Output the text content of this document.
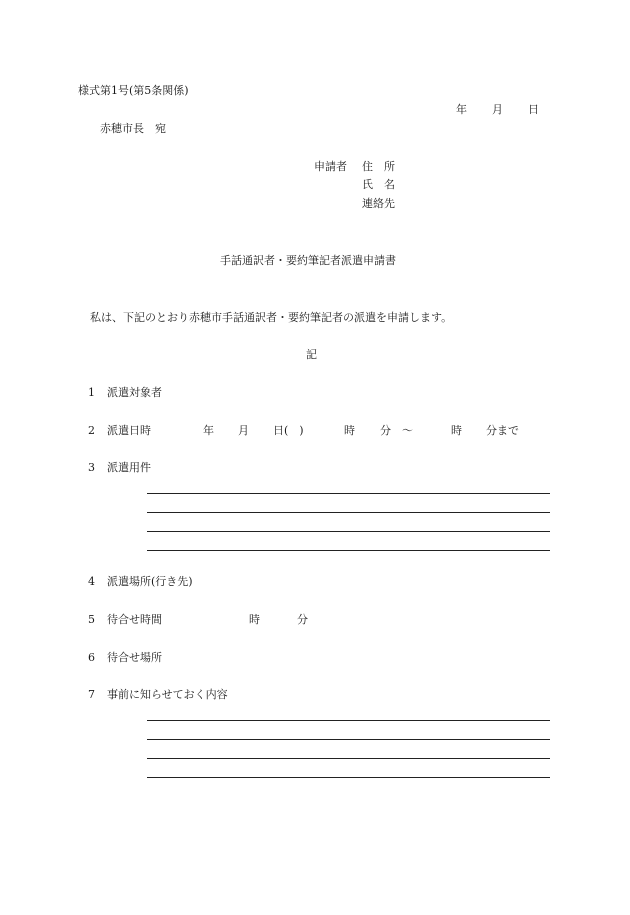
様式第1号(第5条関係)
年 月 日
赤穂市長　宛
申請者 住　所
氏　名
連絡先
手話通訳者・要約筆記者派遣申請書
私は、下記のとおり赤穂市手話通訳者・要約筆記者の派遣を申請します。
記
1 派遣対象者
2 派遣日時	年 月 日(　)	時 分 ～	時 分まで
3 派遣用件
4 派遣場所(行き先)
5 待合せ時間	時	分
6 待合せ場所
7 事前に知らせておく内容
